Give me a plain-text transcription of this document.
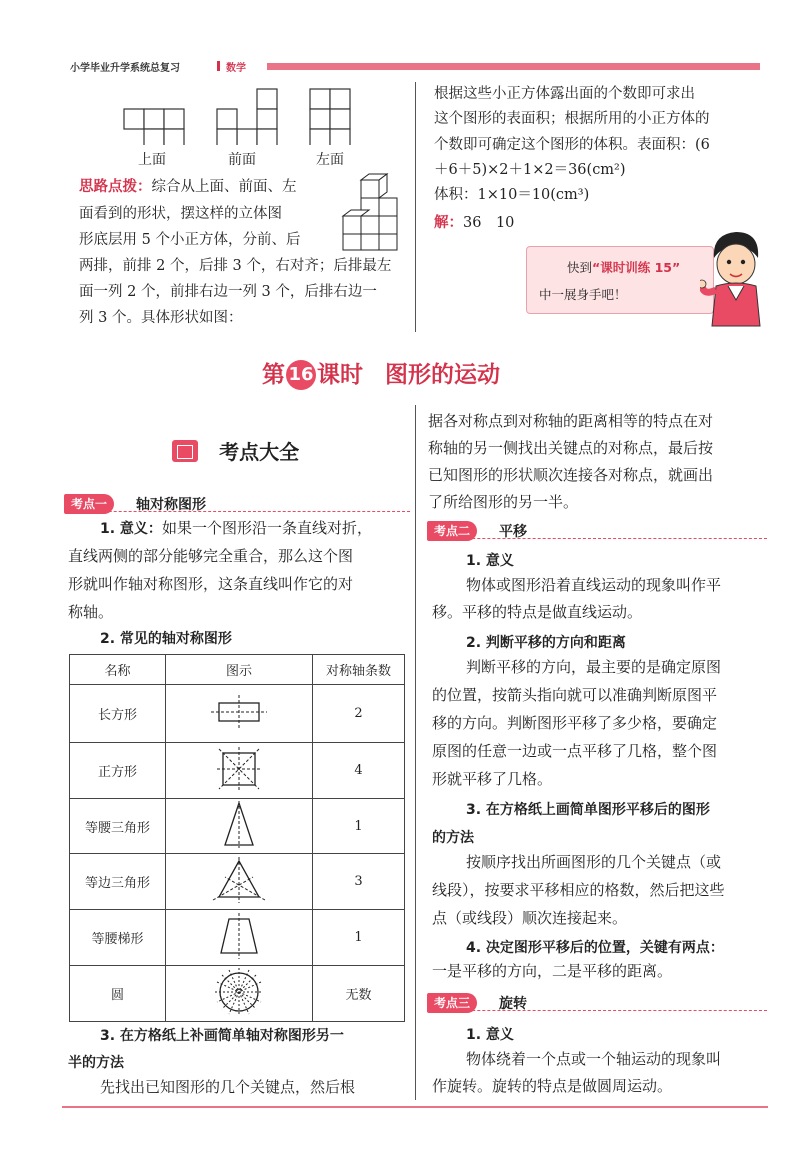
小学毕业升学系统总复习	数学
上面	前面	左面
思路点拨：综合从上面、前面、左
面看到的形状，摆这样的立体图
形底层用 5 个小正方体，分前、后
两排，前排 2 个，后排 3 个，右对齐；后排最左
面一列 2 个，前排右边一列 3 个，后排右边一
列 3 个。具体形状如图：
根据这些小正方体露出面的个数即可求出
这个图形的表面积；根据所用的小正方体的
个数即可确定这个图形的体积。表面积：(6
＋6＋5)×2＋1×2＝36(cm²)
体积：1×10＝10(cm³)
解：36　10
快到“课时训练 15”
中一展身手吧！
第 16 课时 图形的运动
考点大全
考点一	轴对称图形
1. 意义：如果一个图形沿一条直线对折，
直线两侧的部分能够完全重合，那么这个图
形就叫作轴对称图形，这条直线叫作它的对
称轴。
2. 常见的轴对称图形
名称	图示	对称轴条数
长方形		2
正方形		4
等腰三角形		1
等边三角形		3
等腰梯形		1
圆		无数
3. 在方格纸上补画简单轴对称图形另一
半的方法
先找出已知图形的几个关键点，然后根
据各对称点到对称轴的距离相等的特点在对
称轴的另一侧找出关键点的对称点，最后按
已知图形的形状顺次连接各对称点，就画出
了所给图形的另一半。
考点二	平移
1. 意义
物体或图形沿着直线运动的现象叫作平
移。平移的特点是做直线运动。
2. 判断平移的方向和距离
判断平移的方向，最主要的是确定原图
的位置，按箭头指向就可以准确判断原图平
移的方向。判断图形平移了多少格，要确定
原图的任意一边或一点平移了几格，整个图
形就平移了几格。
3. 在方格纸上画简单图形平移后的图形
的方法
按顺序找出所画图形的几个关键点（或
线段），按要求平移相应的格数，然后把这些
点（或线段）顺次连接起来。
4. 决定图形平移后的位置，关键有两点：
一是平移的方向，二是平移的距离。
考点三	旋转
1. 意义
物体绕着一个点或一个轴运动的现象叫
作旋转。旋转的特点是做圆周运动。
